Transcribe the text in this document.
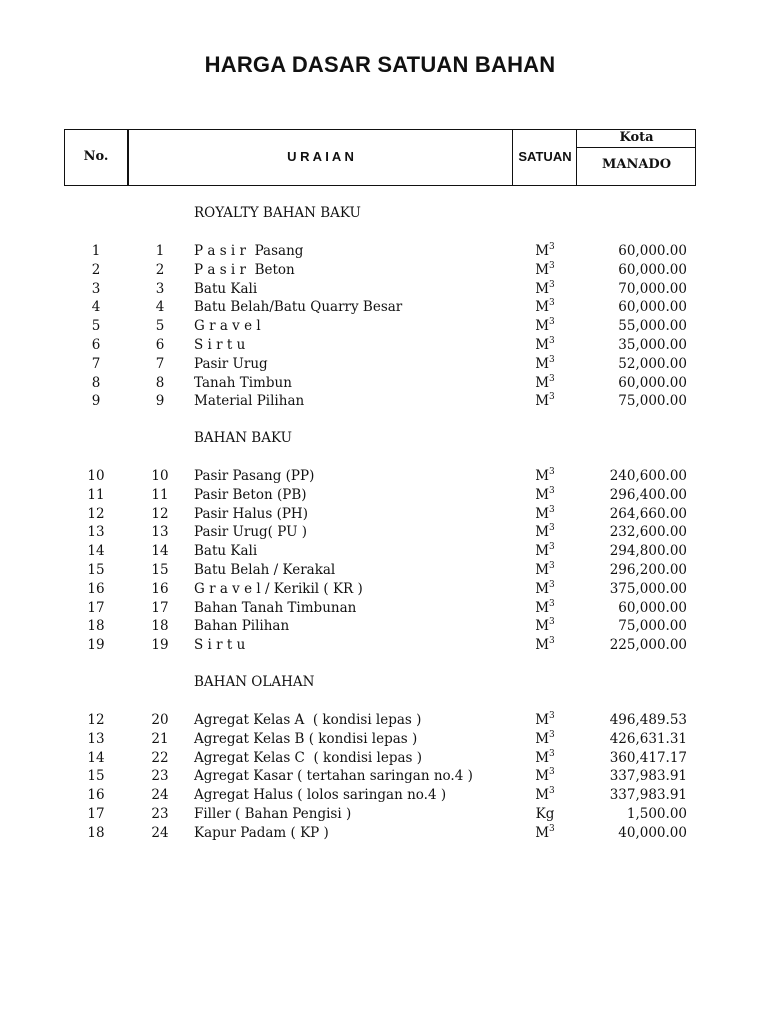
HARGA DASAR SATUAN BAHAN
No.	U R A I A N	SATUAN
Kota
MANADO
ROYALTY BAHAN BAKU
1	1	P a s i r  Pasang	$M^3$	60,000.00
2	2	P a s i r  Beton	$M^3$	60,000.00
3	3	Batu Kali	$M^3$	70,000.00
4	4	Batu Belah/Batu Quarry Besar	$M^3$	60,000.00
5	5	G r a v e l	$M^3$	55,000.00
6	6	S i r t u	$M^3$	35,000.00
7	7	Pasir Urug	$M^3$	52,000.00
8	8	Tanah Timbun	$M^3$	60,000.00
9	9	Material Pilihan	$M^3$	75,000.00
BAHAN BAKU
10	10	Pasir Pasang (PP)	$M^3$	240,600.00
11	11	Pasir Beton (PB)	$M^3$	296,400.00
12	12	Pasir Halus (PH)	$M^3$	264,660.00
13	13	Pasir Urug( PU )	$M^3$	232,600.00
14	14	Batu Kali	$M^3$	294,800.00
15	15	Batu Belah / Kerakal	$M^3$	296,200.00
16	16	G r a v e l / Kerikil ( KR )	$M^3$	375,000.00
17	17	Bahan Tanah Timbunan	$M^3$	60,000.00
18	18	Bahan Pilihan	$M^3$	75,000.00
19	19	S i r t u	$M^3$	225,000.00
BAHAN OLAHAN
12	20	Agregat Kelas A  ( kondisi lepas )	$M^3$	496,489.53
13	21	Agregat Kelas B ( kondisi lepas )	$M^3$	426,631.31
14	22	Agregat Kelas C  ( kondisi lepas )	$M^3$	360,417.17
15	23	Agregat Kasar ( tertahan saringan no.4 )	$M^3$	337,983.91
16	24	Agregat Halus ( lolos saringan no.4 )	$M^3$	337,983.91
17	23	Filler ( Bahan Pengisi )	Kg	1,500.00
18	24	Kapur Padam ( KP )	$M^3$	40,000.00
